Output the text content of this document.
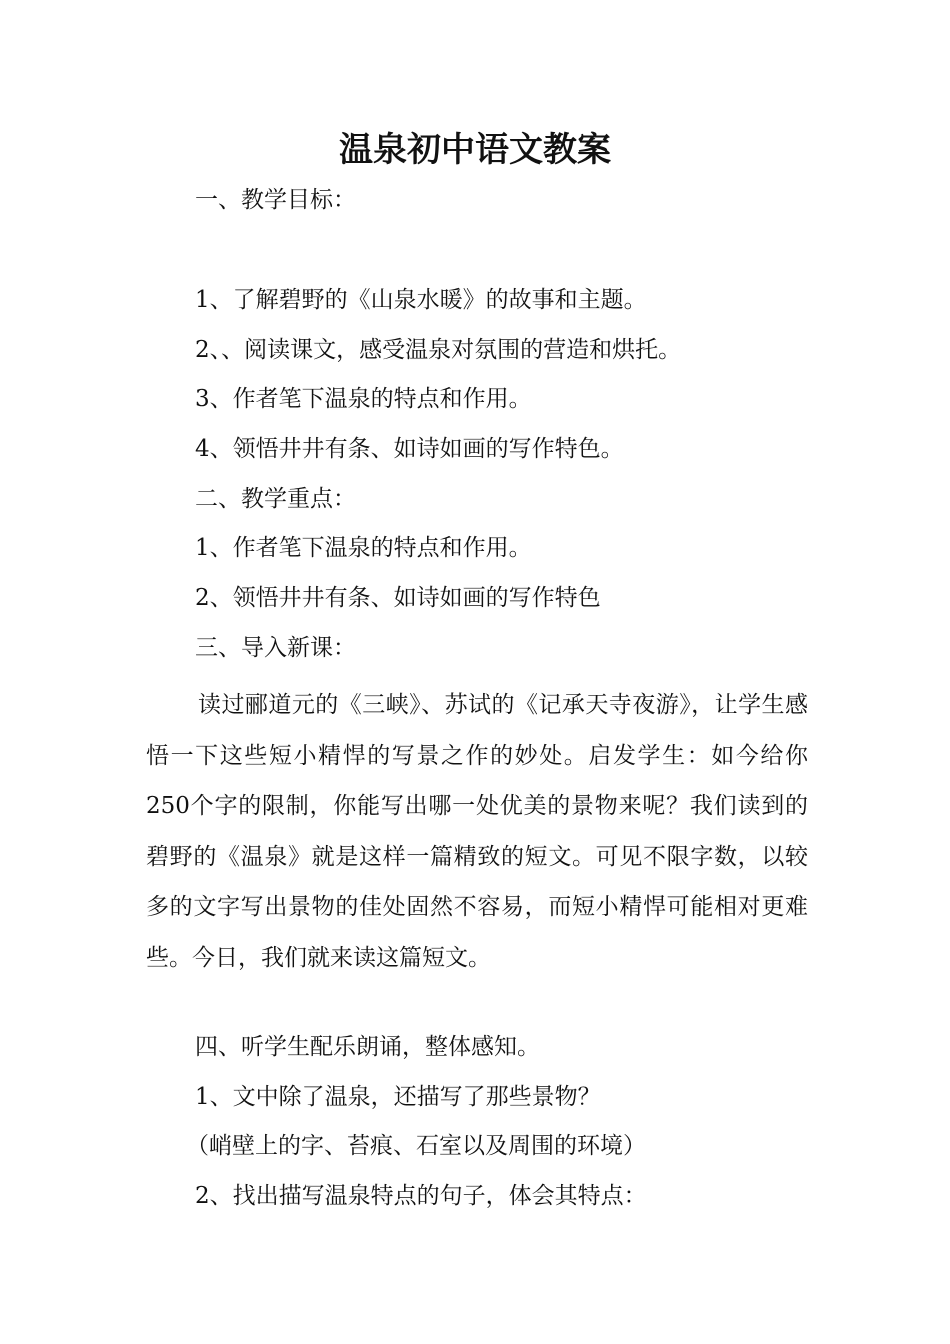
温泉初中语文教案
一、教学目标：
1、了解碧野的《山泉水暖》的故事和主题。
2、、阅读课文，感受温泉对氛围的营造和烘托。
3、作者笔下温泉的特点和作用。
4、领悟井井有条、如诗如画的写作特色。
二、教学重点：
1、作者笔下温泉的特点和作用。
2、领悟井井有条、如诗如画的写作特色
三、导入新课：
读过郦道元的《三峡》、苏试的《记承天寺夜游》，让学生感悟一下这些短小精悍的写景之作的妙处。启发学生：如今给你250个字的限制，你能写出哪一处优美的景物来呢？我们读到的碧野的《温泉》就是这样一篇精致的短文。可见不限字数，以较多的文字写出景物的佳处固然不容易，而短小精悍可能相对更难些。今日，我们就来读这篇短文。
四、听学生配乐朗诵，整体感知。
1、文中除了温泉，还描写了那些景物？
（峭壁上的字、苔痕、石室以及周围的环境）
2、找出描写温泉特点的句子，体会其特点：
